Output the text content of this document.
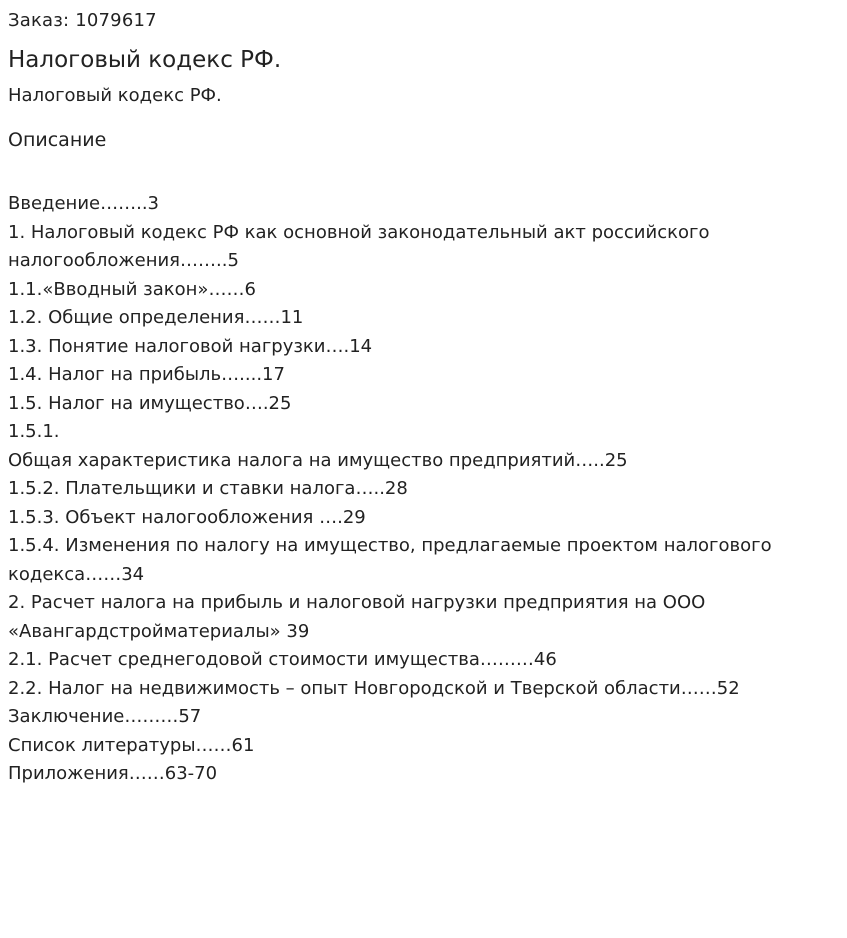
Заказ: 1079617

Налоговый кодекс РФ.

Налоговый кодекс РФ.

Описание

Введение……..3

1. Налоговый кодекс РФ как основной законодательный акт российского налогообложения……..5

1.1.«Вводный закон»……6

1.2. Общие определения……11

1.3. Понятие налоговой нагрузки….14

1.4. Налог на прибыль…....17

1.5. Налог на имущество….25

1.5.1.

Общая характеристика налога на имущество предприятий…..25

1.5.2. Плательщики и ставки налога…..28

1.5.3. Объект налогообложения ….29

1.5.4. Изменения по налогу на имущество, предлагаемые проектом налогового кодекса……34

2. Расчет налога на прибыль и налоговой нагрузки предприятия на ООО «Авангардстройматериалы» 39

2.1. Расчет среднегодовой стоимости имущества………46

2.2. Налог на недвижимость – опыт Новгородской и Тверской области……52

Заключение………57

Список литературы……61

Приложения……63-70
